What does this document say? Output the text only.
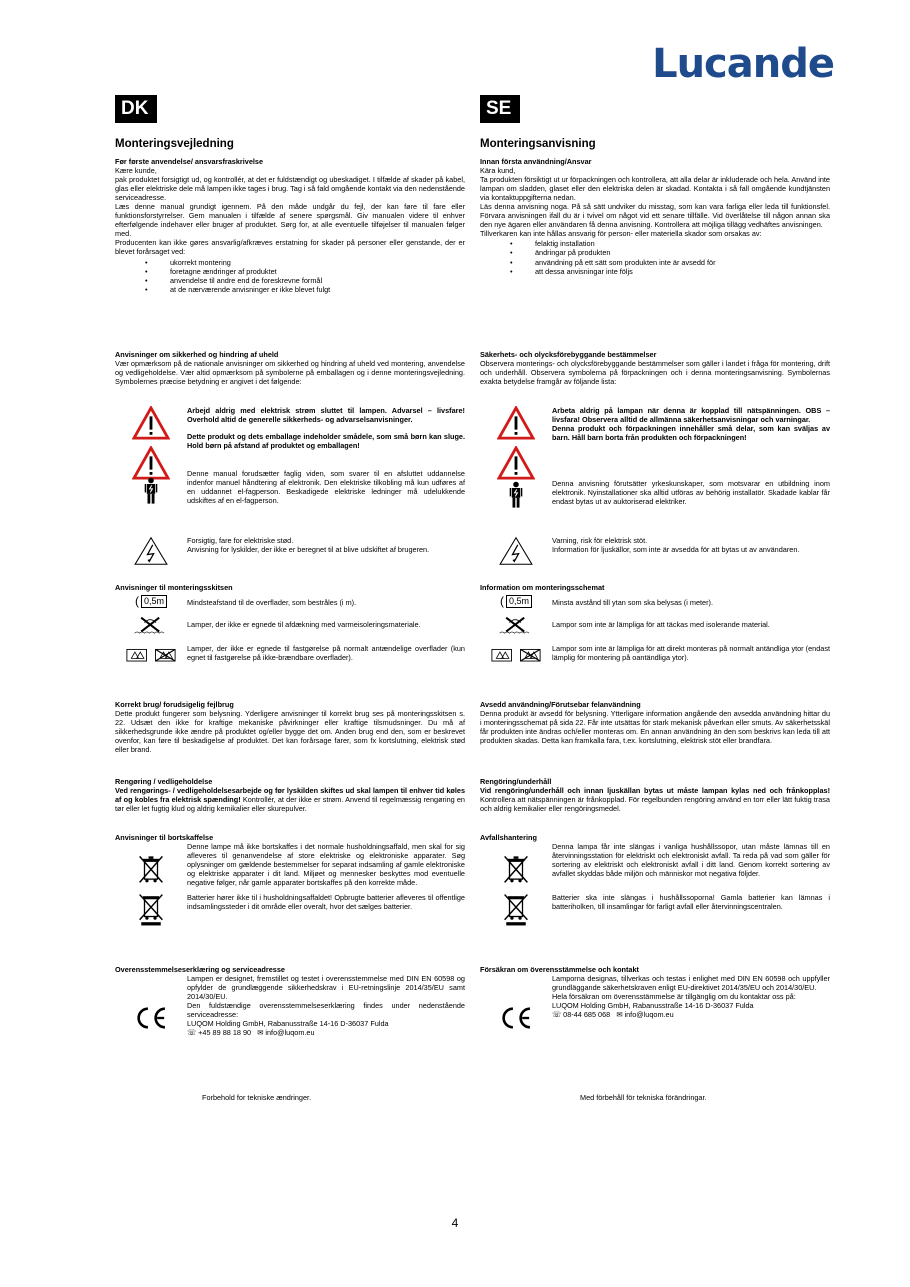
Lucande
DK
Monteringsvejledning
Før første anvendelse/ ansvarsfraskrivelse

Kære kunde,

pak produktet forsigtigt ud, og kontrollér, at det er fuldstændigt og ubeskadiget. I tilfælde af skader på kabel, glas eller elektriske dele må lampen ikke tages i brug. Tag i så fald omgående kontakt via den nedenstående serviceadresse.

Læs denne manual grundigt igennem. På den måde undgår du fejl, der kan føre til fare eller funktionsforstyrrelser. Gem manualen i tilfælde af senere spørgsmål. Giv manualen videre til enhver efterfølgende indehaver eller bruger af produktet. Sørg for, at alle eventuelle tilføjelser til manualen følger med.

Producenten kan ikke gøres ansvarlig/afkræves erstatning for skader på personer eller genstande, der er blevet forårsaget ved:

• ukorrekt montering
• foretagne ændringer af produktet
• anvendelse til andre end de foreskrevne formål
• at de nærværende anvisninger er ikke blevet fulgt
Anvisninger om sikkerhed og hindring af uheld

Vær opmærksom på de nationale anvisninger om sikkerhed og hindring af uheld ved montering, anvendelse og vedligeholdelse. Vær altid opmærksom på symbolerne på emballagen og i denne monteringsvejledning. Symbolernes præcise betydning er angivet i det følgende:

Arbejd aldrig med elektrisk strøm sluttet til lampen. Advarsel – livsfare! Overhold altid de generelle sikkerheds- og advarselsanvisninger.

Dette produkt og dets emballage indeholder smådele, som små børn kan sluge. Hold børn på afstand af produktet og emballagen!

Denne manual forudsætter faglig viden, som svarer til en afsluttet uddannelse indenfor manuel håndtering af elektronik. Den elektriske tilkobling må kun udføres af en uddannet el-fagperson. Beskadigede elektriske ledninger må udelukkende udskiftes af en el-fagperson.

Forsigtig, fare for elektriske stød.

Anvisning for lyskilder, der ikke er beregnet til at blive udskiftet af brugeren.

Anvisninger til monteringsskitsen
( 0,5m	Mindsteafstand til de overflader, som bestråles (i m).

Lamper, der ikke er egnede til afdækning med varmeisoleringsmateriale.

Lamper, der ikke er egnede til fastgørelse på normalt antændelige overflader (kun egnet til fastgørelse på ikke-brændbare overflader).

Korrekt brug/ forudsigelig fejlbrug

Dette produkt fungerer som belysning. Yderligere anvisninger til korrekt brug ses på monteringsskitsen s. 22. Udsæt den ikke for kraftige mekaniske påvirkninger eller kraftige tilsmudsninger. Du må af sikkerhedsgrunde ikke ændre på produktet og/eller bygge det om. Anden brug end den, som er beskrevet ovenfor, kan føre til beskadigelse af produktet. Det kan forårsage farer, som fx kortslutning, elektrisk stød eller brand.

Rengøring / vedligeholdelse

Ved rengørings- / vedligeholdelsesarbejde og før lyskilden skiftes ud skal lampen til enhver tid køles af og kobles fra elektrisk spænding! Kontrollér, at der ikke er strøm. Anvend til regelmæssig rengøring en tør eller let fugtig klud og aldrig kemikalier eller skurepulver.

Anvisninger til bortskaffelse

Denne lampe må ikke bortskaffes i det normale husholdningsaffald, men skal for sig afleveres til genanvendelse af store elektriske og elektroniske apparater. Søg oplysninger om gældende bestemmelser for separat indsamling af gamle elektroniske og elektriske apparater i dit land. Miljøet og mennesker beskyttes mod eventuelle negative følger, når gamle apparater bortskaffes på den korrekte måde.

Batterier hører ikke til i husholdningsaffaldet! Opbrugte batterier afleveres til offentlige indsamlingssteder i dit område eller overalt, hvor det sælges batterier.

Overensstemmelseserklæring og serviceadresse

Lampen er designet, fremstillet og testet i overensstemmelse med DIN EN 60598 og opfylder de grundlæggende sikkerhedskrav i EU-retningslinje 2014/35/EU samt 2014/30/EU.

Den fuldstændige overensstemmelseserklæring findes under nedenstående serviceadresse:

LUQOM Holding GmbH, Rabanusstraße 14-16 D-36037 Fulda

☏ +45 89 88 18 90 ✉ info@luqom.eu

SE
Monteringsanvisning
Innan första användning/Ansvar

Kära kund,

Ta produkten försiktigt ut ur förpackningen och kontrollera, att alla delar är inkluderade och hela. Använd inte lampan om sladden, glaset eller den elektriska delen är skadad. Kontakta i så fall omgående kundtjänsten via kontaktuppgifterna nedan.

Läs denna anvisning noga. På så sätt undviker du misstag, som kan vara farliga eller leda till funktionsfel. Förvara anvisningen ifall du är i tvivel om något vid ett senare tillfälle. Vid överlåtelse till någon annan ska den nye ägaren eller användaren få denna anvisning. Kontrollera att möjliga tillägg vedhäftes anvisningen.

Tillverkaren kan inte hållas ansvarig för person- eller materiella skador som orsakas av:

• felaktig installation
• ändringar på produkten
• användning på ett sätt som produkten inte är avsedd för
• att dessa anvisningar inte följs
Säkerhets- och olycksförebyggande bestämmelser

Observera monterings- och olycksförebyggande bestämmelser som gäller i landet i fråga för montering, drift och underhåll. Observera symbolerna på förpackningen och i denna monteringsanvisning. Symbolernas exakta betydelse framgår av följande lista:

Arbeta aldrig på lampan när denna är kopplad till nätspänningen. OBS – livsfara! Observera alltid de allmänna säkerhetsanvisningar och varningar.

Denna produkt och förpackningen innehåller små delar, som kan sväljas av barn. Håll barn borta från produkten och förpackningen!

Denna anvisning förutsätter yrkeskunskaper, som motsvarar en utbildning inom elektronik. Nyinstallationer ska alltid utföras av behörig installatör. Skadade kablar får endast bytas ut av auktoriserad elektriker.

Varning, risk för elektrisk stöt.

Information för ljuskällor, som inte är avsedda för att bytas ut av användaren.

Information om monteringsschemat
( 0,5m	Minsta avstånd till ytan som ska belysas (i meter).

Lampor som inte är lämpliga för att täckas med isolerande material.

Lampor som inte är lämpliga för att direkt monteras på normalt antändliga ytor (endast lämplig för montering på oantändliga ytor).

Avsedd användning/Förutsebar felanvändning

Denna produkt är avsedd för belysning. Ytterligare information angående den avsedda användning hittar du i monteringsschemat på sida 22. Får inte utsättas för stark mekanisk påverkan eller smuts. Av säkerhetsskäl får produkten inte ändras och/eller monteras om. En annan användning än den som beskrivs kan leda till att produkten skadas. Detta kan framkalla fara, t.ex. kortslutning, elektrisk stöt eller brandfara.

Rengöring/underhåll

Vid rengöring/underhåll och innan ljuskällan bytas ut måste lampan kylas ned och frånkopplas! Kontrollera att nätspänningen är frånkopplad. För regelbunden rengöring använd en torr eller lätt fuktig trasa och aldrig kemikalier eller rengöringsmedel.

Avfallshantering

Denna lampa får inte slängas i vanliga hushållssopor, utan måste lämnas till en återvinningsstation för elektriskt och elektroniskt avfall. Ta reda på vad som gäller för sortering av elektriskt och elektroniskt avfall i ditt land. Genom korrekt sortering av avfallet skyddas både miljön och människor mot negativa följder.

Batterier ska inte slängas i hushållssoporna! Gamla batterier kan lämnas i batteriholken, till insamlingar för farligt avfall eller återvinningscentralen.

Försäkran om överensstämmelse och kontakt

Lamporna designas, tillverkas och testas i enlighet med DIN EN 60598 och uppfyller grundläggande säkerhetskraven enligt EU-direktivet 2014/35/EU och 2014/30/EU.

Hela försäkran om överensstämmelse är tillgänglig om du kontaktar oss på:

LUQOM Holding GmbH, Rabanusstraße 14-16 D-36037 Fulda

☏ 08-44 685 068 ✉ info@luqom.eu

Forbehold for tekniske ændringer.	Med förbehåll för tekniska förändringar.
4
